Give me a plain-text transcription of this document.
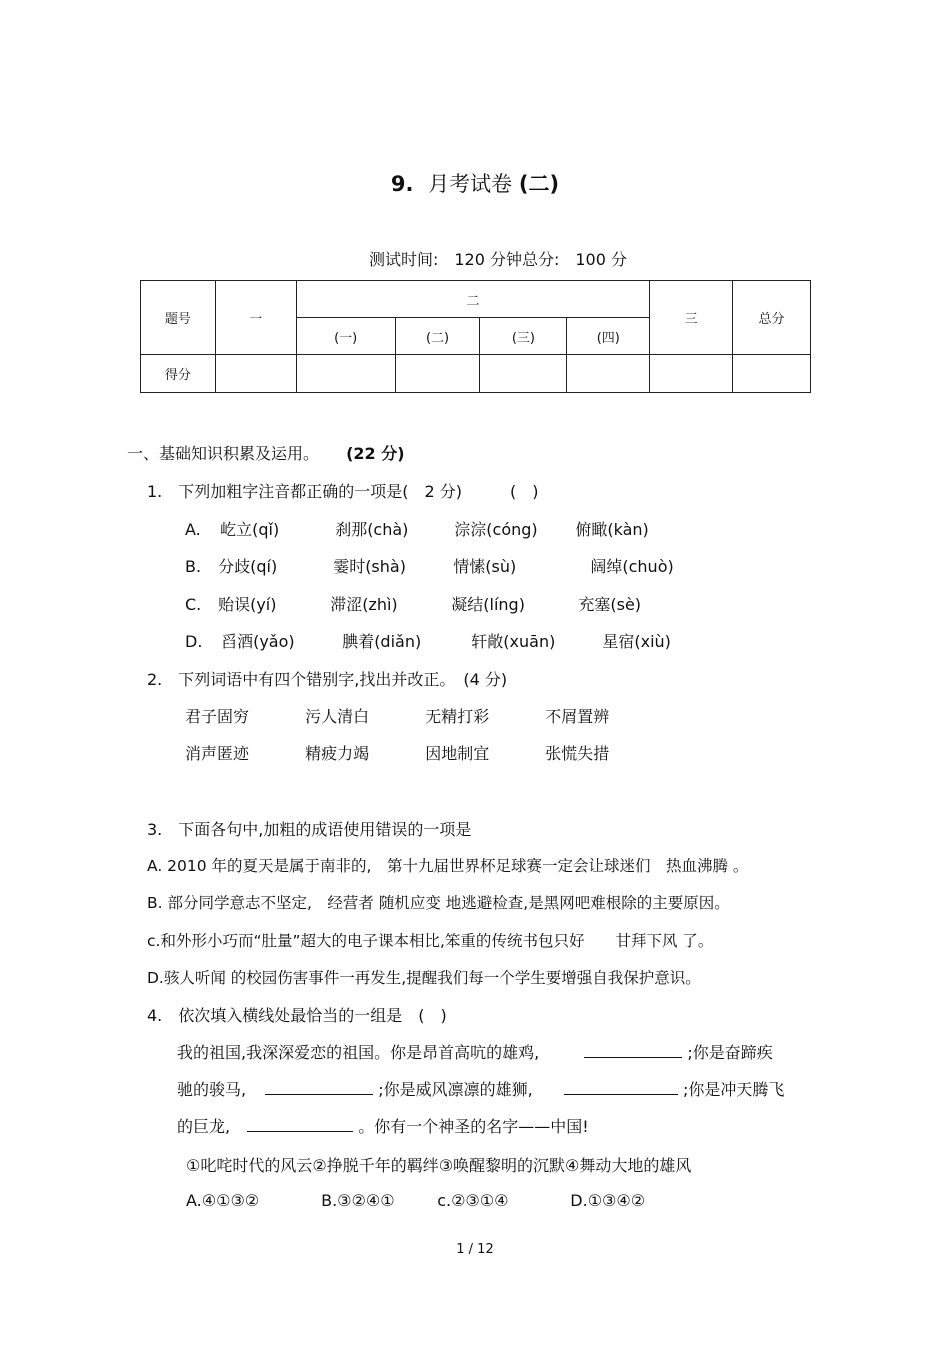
9. 月考试卷 (二)
测试时间:　120 分钟总分:　100 分
题号	一	二				三	总分
		(一)	(二)	(三)	(四)		
得分							
一、基础知识积累及运用。 (22 分)
1.　下列加粗字注音都正确的一项是(　2 分)　　　(　)
A. 屹立(qǐ)	刹那(chà)	淙淙(cóng) 俯瞰(kàn)
B. 分歧(qí)	霎时(shà)	情愫(sù)	阔绰(chuò)
C. 贻误(yí)	滞涩(zhì)	凝结(líng)	充塞(sè)
D. 舀酒(yǎo)	腆着(diǎn)	轩敞(xuān)	星宿(xiù)
2.　下列词语中有四个错别字,找出并改正。　(4 分)
君子固穷	污人清白	无精打彩	不屑置辨
消声匿迹	精疲力竭	因地制宜	张慌失措
3.　下面各句中,加粗的成语使用错误的一项是
A. 2010 年的夏天是属于南非的,　第十九届世界杯足球赛一定会让球迷们　热血沸腾 。
B. 部分同学意志不坚定,　经营者 随机应变 地逃避检查,是黑网吧难根除的主要原因。
c.和外形小巧而“肚量”超大的电子课本相比,笨重的传统书包只好　　甘拜下风 了。
D.骇人听闻 的校园伤害事件一再发生,提醒我们每一个学生要增强自我保护意识。
4.　依次填入横线处最恰当的一组是　(　)
我的祖国,我深深爱恋的祖国。你是昂首高吭的雄鸡,	;你是奋蹄疾
驰的骏马,	;你是威风凛凛的雄狮,	;你是冲天腾飞
的巨龙,	。你有一个神圣的名字——中国!
①叱咤时代的风云②挣脱千年的羁绊③唤醒黎明的沉默④舞动大地的雄风
A.④①③②	B.③②④①	c.②③①④	D.①③④②
1 / 12
